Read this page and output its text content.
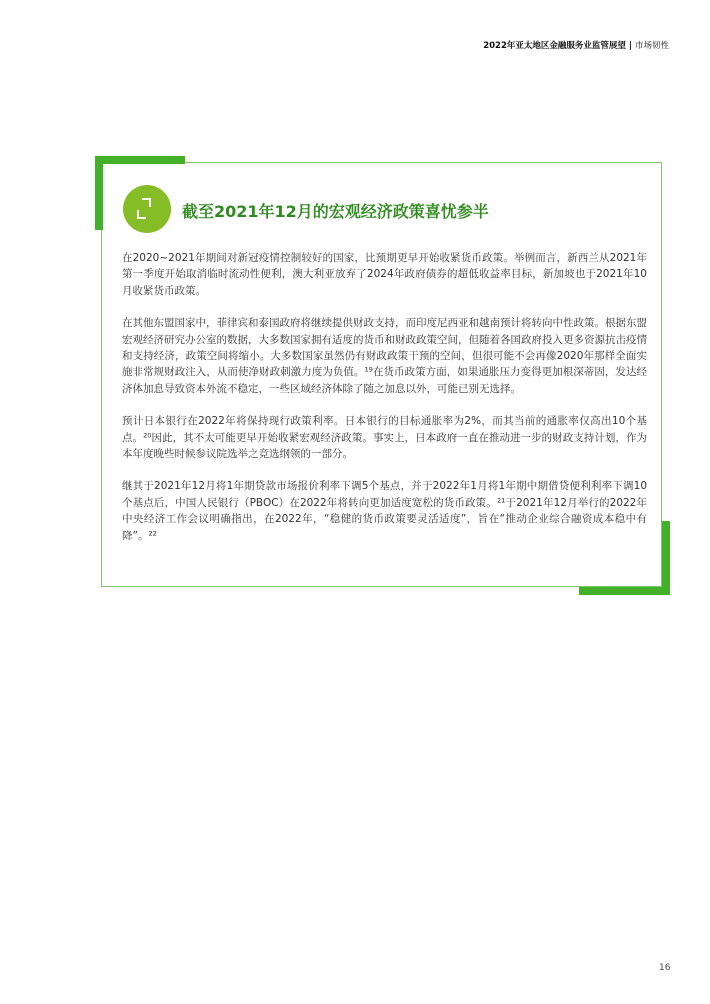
2022年亚太地区金融服务业监管展望 | 市场韧性
截至2021年12月的宏观经济政策喜忧参半

在2020~2021年期间对新冠疫情控制较好的国家，比预期更早开始收紧货币政策。举例而言，新西兰从2021年第一季度开始取消临时流动性便利，澳大利亚放弃了2024年政府债券的超低收益率目标，新加坡也于2021年10月收紧货币政策。

在其他东盟国家中，菲律宾和泰国政府将继续提供财政支持，而印度尼西亚和越南预计将转向中性政策。根据东盟宏观经济研究办公室的数据，大多数国家拥有适度的货币和财政政策空间，但随着各国政府投入更多资源抗击疫情和支持经济，政策空间将缩小。大多数国家虽然仍有财政政策干预的空间，但很可能不会再像2020年那样全面实施非常规财政注入，从而使净财政刺激力度为负值。¹⁹在货币政策方面，如果通胀压力变得更加根深蒂固，发达经济体加息导致资本外流不稳定，一些区域经济体除了随之加息以外，可能已别无选择。

预计日本银行在2022年将保持现行政策利率。日本银行的目标通胀率为2%，而其当前的通胀率仅高出10个基点。²⁰因此，其不太可能更早开始收紧宏观经济政策。事实上，日本政府一直在推动进一步的财政支持计划，作为本年度晚些时候参议院选举之竞选纲领的一部分。

继其于2021年12月将1年期贷款市场报价利率下调5个基点，并于2022年1月将1年期中期借贷便利利率下调10个基点后，中国人民银行（PBOC）在2022年将转向更加适度宽松的货币政策。²¹于2021年12月举行的2022年中央经济工作会议明确指出，在2022年，“稳健的货币政策要灵活适度”，旨在“推动企业综合融资成本稳中有降”。²²

16
